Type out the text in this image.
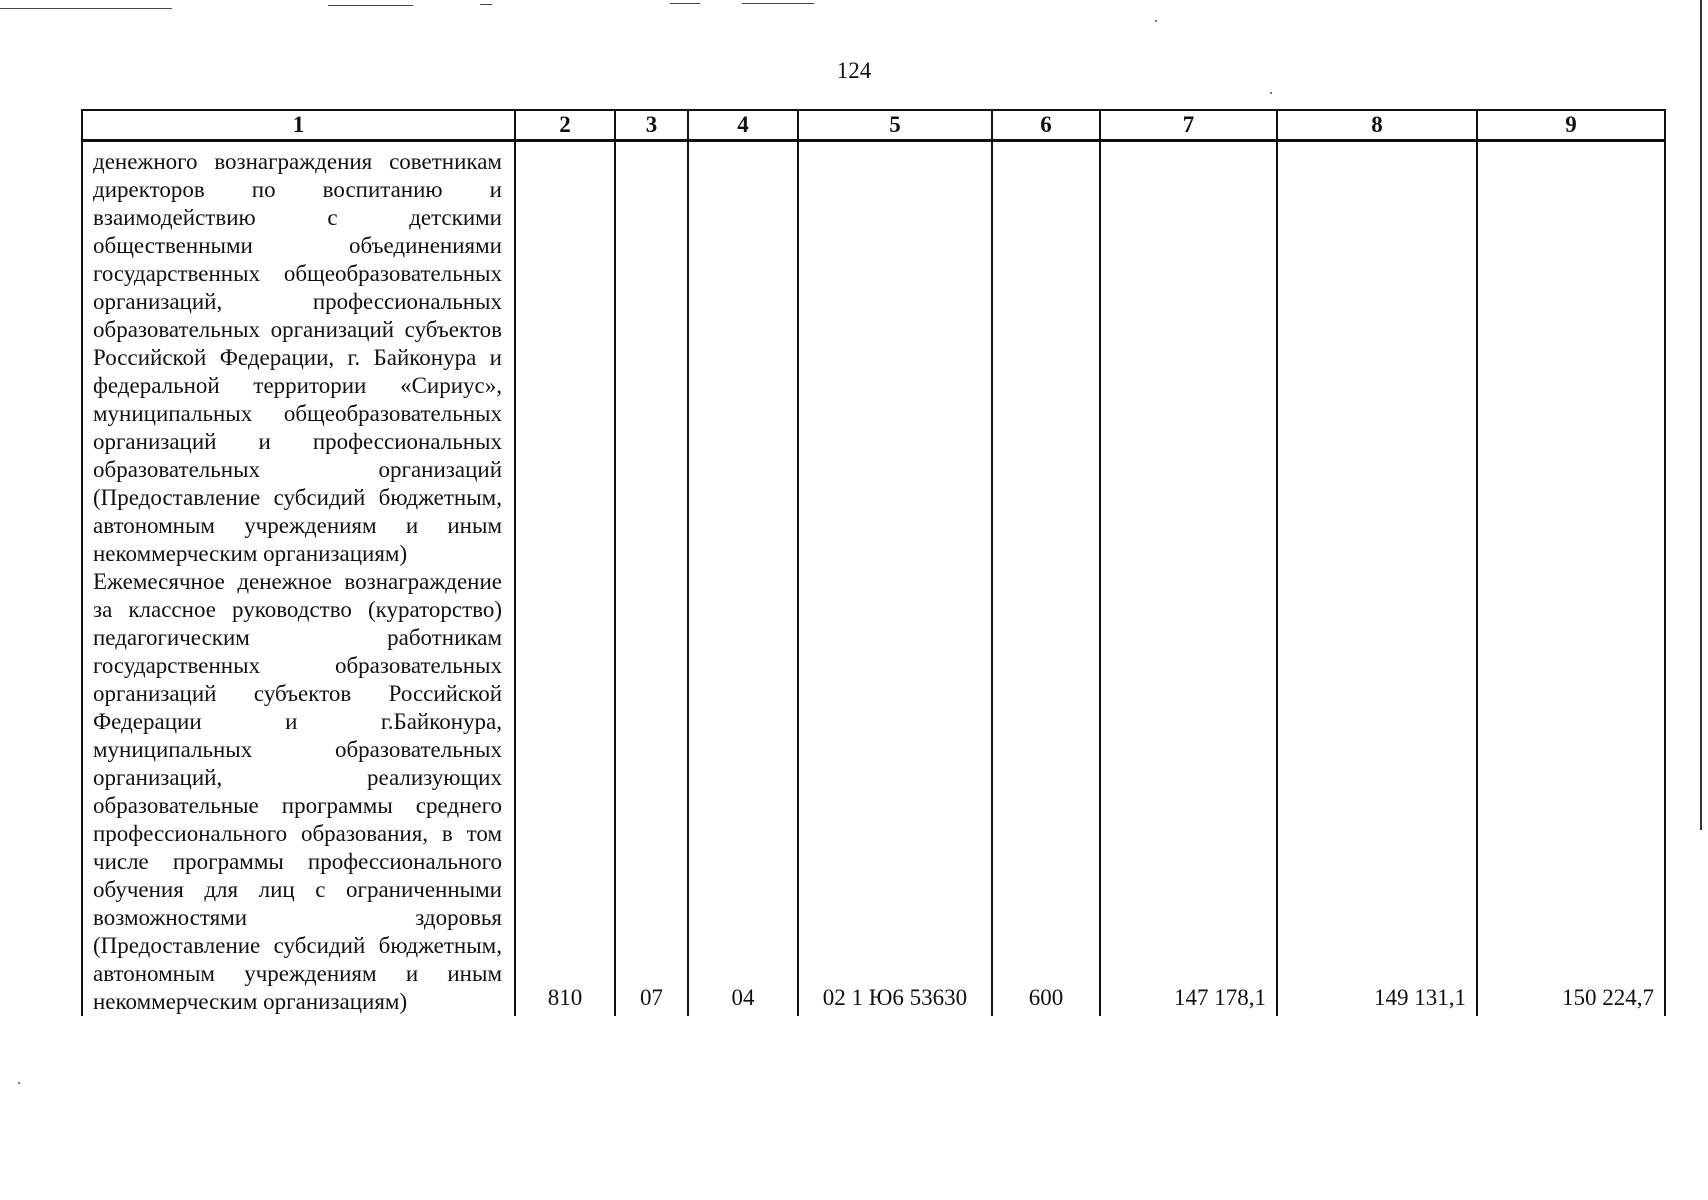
124
1	2	3	4	5	6	7	8	9

денежного вознаграждения советникам директоров по воспитанию и взаимодействию с детскими общественными объединениями государственных общеобразовательных организаций, профессиональных образовательных организаций субъектов Российской Федерации, г. Байконура и федеральной территории «Сириус», муниципальных общеобразовательных организаций и профессиональных образовательных организаций (Предоставление субсидий бюджетным, автономным учреждениям и иным некоммерческим организациям)
Ежемесячное денежное вознаграждение за классное руководство (кураторство) педагогическим работникам государственных образовательных организаций субъектов Российской Федерации и г.Байконура, муниципальных образовательных организаций, реализующих образовательные программы среднего профессионального образования, в том числе программы профессионального обучения для лиц с ограниченными возможностями здоровья (Предоставление субсидий бюджетным, автономным учреждениям и иным некоммерческим организациям)	810	07	04	02 1 Ю6 53630	600	147 178,1	149 131,1	150 224,7
